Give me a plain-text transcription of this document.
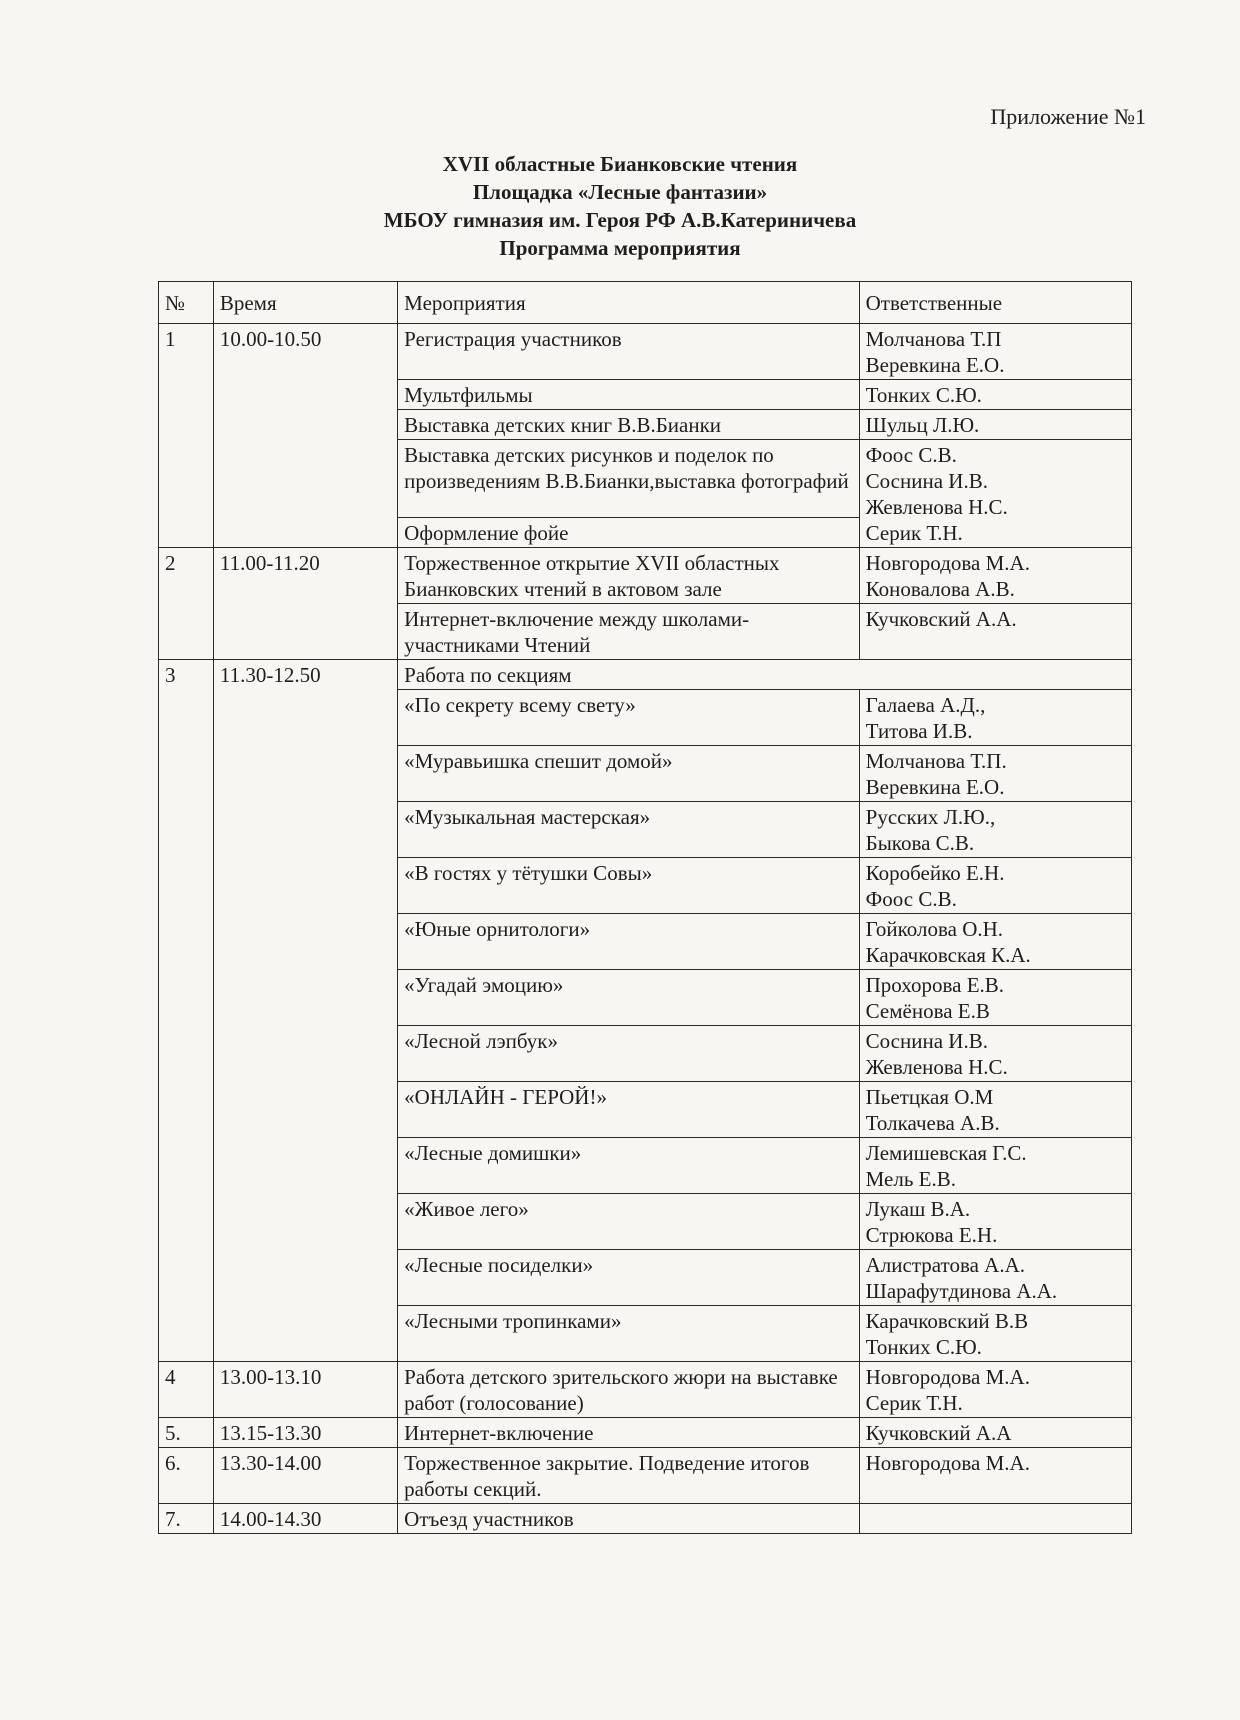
Приложение №1
XVII областные Бианковские чтения
Площадка «Лесные фантазии»
МБОУ гимназия им. Героя РФ А.В.Катериничева
Программа мероприятия
№	Время	Мероприятия	Ответственные
1	10.00-10.50	Регистрация участников	Молчанова Т.П
Веревкина Е.О.

		Мультфильмы	Тонких С.Ю.

		Выставка детских книг В.В.Бианки	Шульц Л.Ю.

		Выставка детских рисунков и поделок по произведениям В.В.Бианки,выставка фотографий	Фоос С.В.
Соснина И.В.
Жевленова Н.С.
Серик Т.Н.

		Оформление фойе	
2	11.00-11.20	Торжественное открытие XVII областных Бианковских чтений в актовом зале	Новгородова М.А.
Коновалова А.В.

		Интернет-включение между школами-участниками Чтений	Кучковский А.А.

3	11.30-12.50	Работа по секциям	
		«По секрету всему свету»	Галаева А.Д.,
Титова И.В.

		«Муравьишка спешит домой»	Молчанова Т.П.
Веревкина Е.О.

		«Музыкальная мастерская»	Русских Л.Ю.,
Быкова С.В.

		«В гостях у тётушки Совы»	Коробейко Е.Н.
Фоос С.В.

		«Юные орнитологи»	Гойколова О.Н.
Карачковская К.А.

		«Угадай эмоцию»	Прохорова Е.В.
Семёнова Е.В

		«Лесной лэпбук»	Соснина И.В.
Жевленова Н.С.

		«ОНЛАЙН - ГЕРОЙ!»	Пьетцкая О.М
Толкачева А.В.

		«Лесные домишки»	Лемишевская Г.С.
Мель Е.В.

		«Живое лего»	Лукаш В.А.
Стрюкова Е.Н.

		«Лесные посиделки»	Алистратова А.А.
Шарафутдинова А.А.

		«Лесными тропинками»	Карачковский В.В
Тонких С.Ю.

4	13.00-13.10	Работа детского зрительского жюри на выставке работ (голосование)	Новгородова М.А.
Серик Т.Н.

5.	13.15-13.30	Интернет-включение	Кучковский А.А

6.	13.30-14.00	Торжественное закрытие. Подведение итогов работы секций.	Новгородова М.А.

7.	14.00-14.30	Отъезд участников	
